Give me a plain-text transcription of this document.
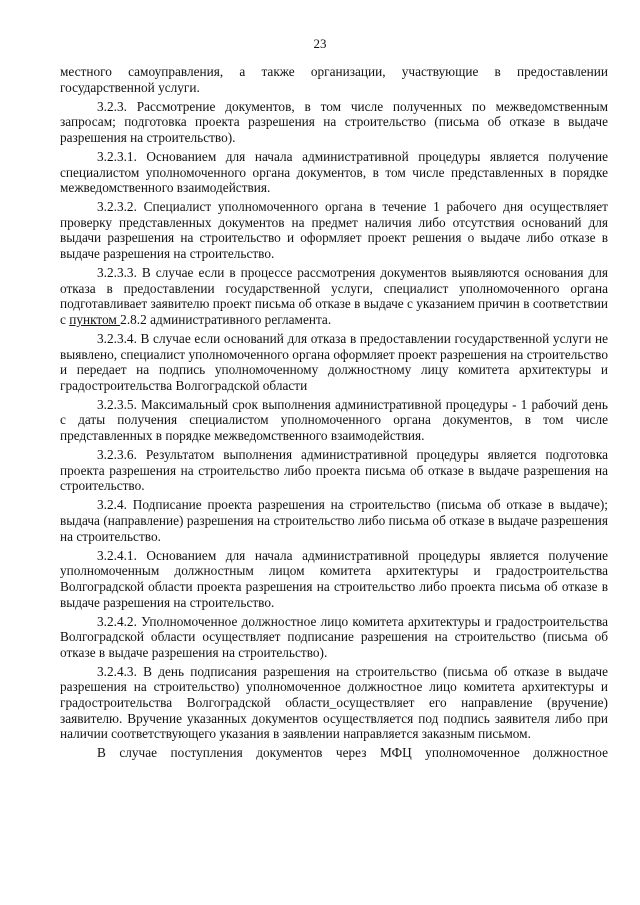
23

местного самоуправления, а также организации, участвующие в предоставлении государственной услуги.

3.2.3. Рассмотрение документов, в том числе полученных по межведомственным запросам; подготовка проекта разрешения на строительство (письма об отказе в выдаче разрешения на строительство).

3.2.3.1. Основанием для начала административной процедуры является получение специалистом уполномоченного органа документов, в том числе представленных в порядке межведомственного взаимодействия.

3.2.3.2. Специалист уполномоченного органа в течение 1 рабочего дня осуществляет проверку представленных документов на предмет наличия либо отсутствия оснований для выдачи разрешения на строительство и оформляет проект решения о выдаче либо отказе в выдаче разрешения на строительство.

3.2.3.3. В случае если в процессе рассмотрения документов выявляются основания для отказа в предоставлении государственной услуги, специалист уполномоченного органа подготавливает заявителю проект письма об отказе в выдаче с указанием причин в соответствии с пунктом 2.8.2 административного регламента.

3.2.3.4. В случае если оснований для отказа в предоставлении государственной услуги не выявлено, специалист уполномоченного органа оформляет проект разрешения на строительство и передает на подпись уполномоченному должностному лицу комитета архитектуры и градостроительства Волгоградской области

3.2.3.5. Максимальный срок выполнения административной процедуры - 1 рабочий день с даты получения специалистом уполномоченного органа документов, в том числе представленных в порядке межведомственного взаимодействия.

3.2.3.6. Результатом выполнения административной процедуры является подготовка проекта разрешения на строительство либо проекта письма об отказе в выдаче разрешения на строительство.

3.2.4. Подписание проекта разрешения на строительство (письма об отказе в выдаче); выдача (направление) разрешения на строительство либо письма об отказе в выдаче разрешения на строительство.

3.2.4.1. Основанием для начала административной процедуры является получение уполномоченным должностным лицом комитета архитектуры и градостроительства Волгоградской области проекта разрешения на строительство либо проекта письма об отказе в выдаче разрешения на строительство.

3.2.4.2. Уполномоченное должностное лицо комитета архитектуры и градостроительства Волгоградской области осуществляет подписание разрешения на строительство (письма об отказе в выдаче разрешения на строительство).

3.2.4.3. В день подписания разрешения на строительство (письма об отказе в выдаче разрешения на строительство) уполномоченное должностное лицо комитета архитектуры и градостроительства Волгоградской области_осуществляет его направление (вручение) заявителю. Вручение указанных документов осуществляется под подпись заявителя либо при наличии соответствующего указания в заявлении направляется заказным письмом.

В случае поступления документов через МФЦ уполномоченное должностное
